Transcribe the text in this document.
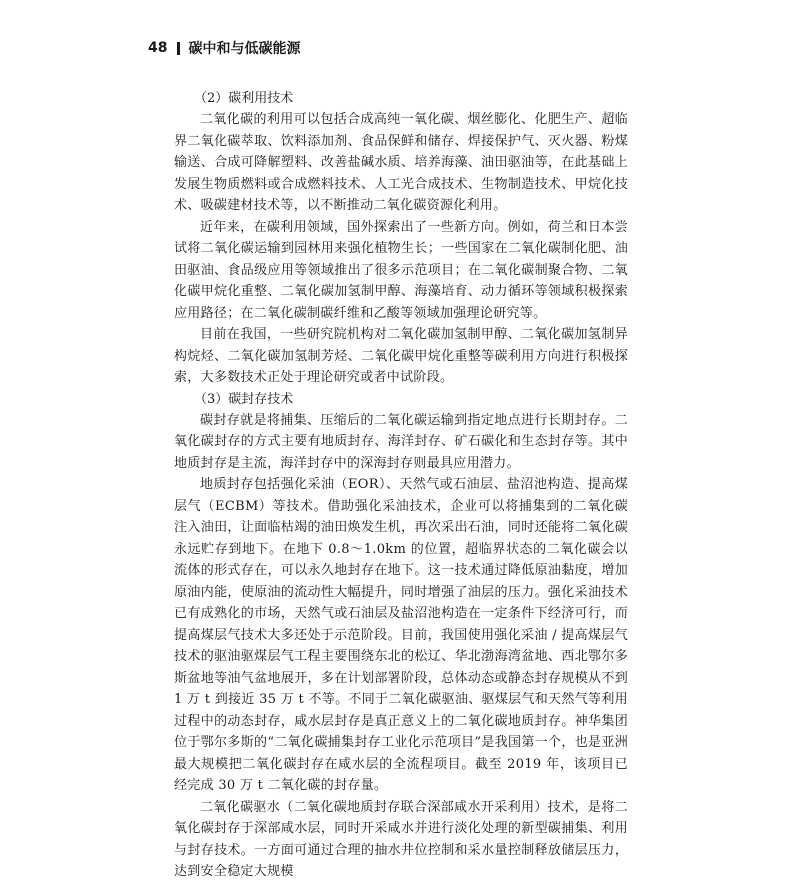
48 碳中和与低碳能源

（2）碳利用技术

二氧化碳的利用可以包括合成高纯一氧化碳、烟丝膨化、化肥生产、超临界二氧化碳萃取、饮料添加剂、食品保鲜和储存、焊接保护气、灭火器、粉煤输送、合成可降解塑料、改善盐碱水质、培养海藻、油田驱油等，在此基础上发展生物质燃料或合成燃料技术、人工光合成技术、生物制造技术、甲烷化技术、吸碳建材技术等，以不断推动二氧化碳资源化利用。

近年来，在碳利用领域，国外探索出了一些新方向。例如，荷兰和日本尝试将二氧化碳运输到园林用来强化植物生长；一些国家在二氧化碳制化肥、油田驱油、食品级应用等领域推出了很多示范项目；在二氧化碳制聚合物、二氧化碳甲烷化重整、二氧化碳加氢制甲醇、海藻培育、动力循环等领域积极探索应用路径；在二氧化碳制碳纤维和乙酸等领域加强理论研究等。

目前在我国，一些研究院机构对二氧化碳加氢制甲醇、二氧化碳加氢制异构烷烃、二氧化碳加氢制芳烃、二氧化碳甲烷化重整等碳利用方向进行积极探索，大多数技术正处于理论研究或者中试阶段。

（3）碳封存技术

碳封存就是将捕集、压缩后的二氧化碳运输到指定地点进行长期封存。二氧化碳封存的方式主要有地质封存、海洋封存、矿石碳化和生态封存等。其中地质封存是主流，海洋封存中的深海封存则最具应用潜力。

地质封存包括强化采油（EOR）、天然气或石油层、盐沼池构造、提高煤层气（ECBM）等技术。借助强化采油技术，企业可以将捕集到的二氧化碳注入油田，让面临枯竭的油田焕发生机，再次采出石油，同时还能将二氧化碳永远贮存到地下。在地下 0.8～1.0km 的位置，超临界状态的二氧化碳会以流体的形式存在，可以永久地封存在地下。这一技术通过降低原油黏度，增加原油内能，使原油的流动性大幅提升，同时增强了油层的压力。强化采油技术已有成熟化的市场，天然气或石油层及盐沼池构造在一定条件下经济可行，而提高煤层气技术大多还处于示范阶段。目前，我国使用强化采油 / 提高煤层气技术的驱油驱煤层气工程主要围绕东北的松辽、华北渤海湾盆地、西北鄂尔多斯盆地等油气盆地展开，多在计划部署阶段，总体动态或静态封存规模从不到 1 万 t 到接近 35 万 t 不等。不同于二氧化碳驱油、驱煤层气和天然气等利用过程中的动态封存，咸水层封存是真正意义上的二氧化碳地质封存。神华集团位于鄂尔多斯的“二氧化碳捕集封存工业化示范项目”是我国第一个，也是亚洲最大规模把二氧化碳封存在咸水层的全流程项目。截至 2019 年，该项目已经完成 30 万 t 二氧化碳的封存量。

二氧化碳驱水（二氧化碳地质封存联合深部咸水开采利用）技术，是将二氧化碳封存于深部咸水层，同时开采咸水并进行淡化处理的新型碳捕集、利用与封存技术。一方面可通过合理的抽水井位控制和采水量控制释放储层压力，达到安全稳定大规模
